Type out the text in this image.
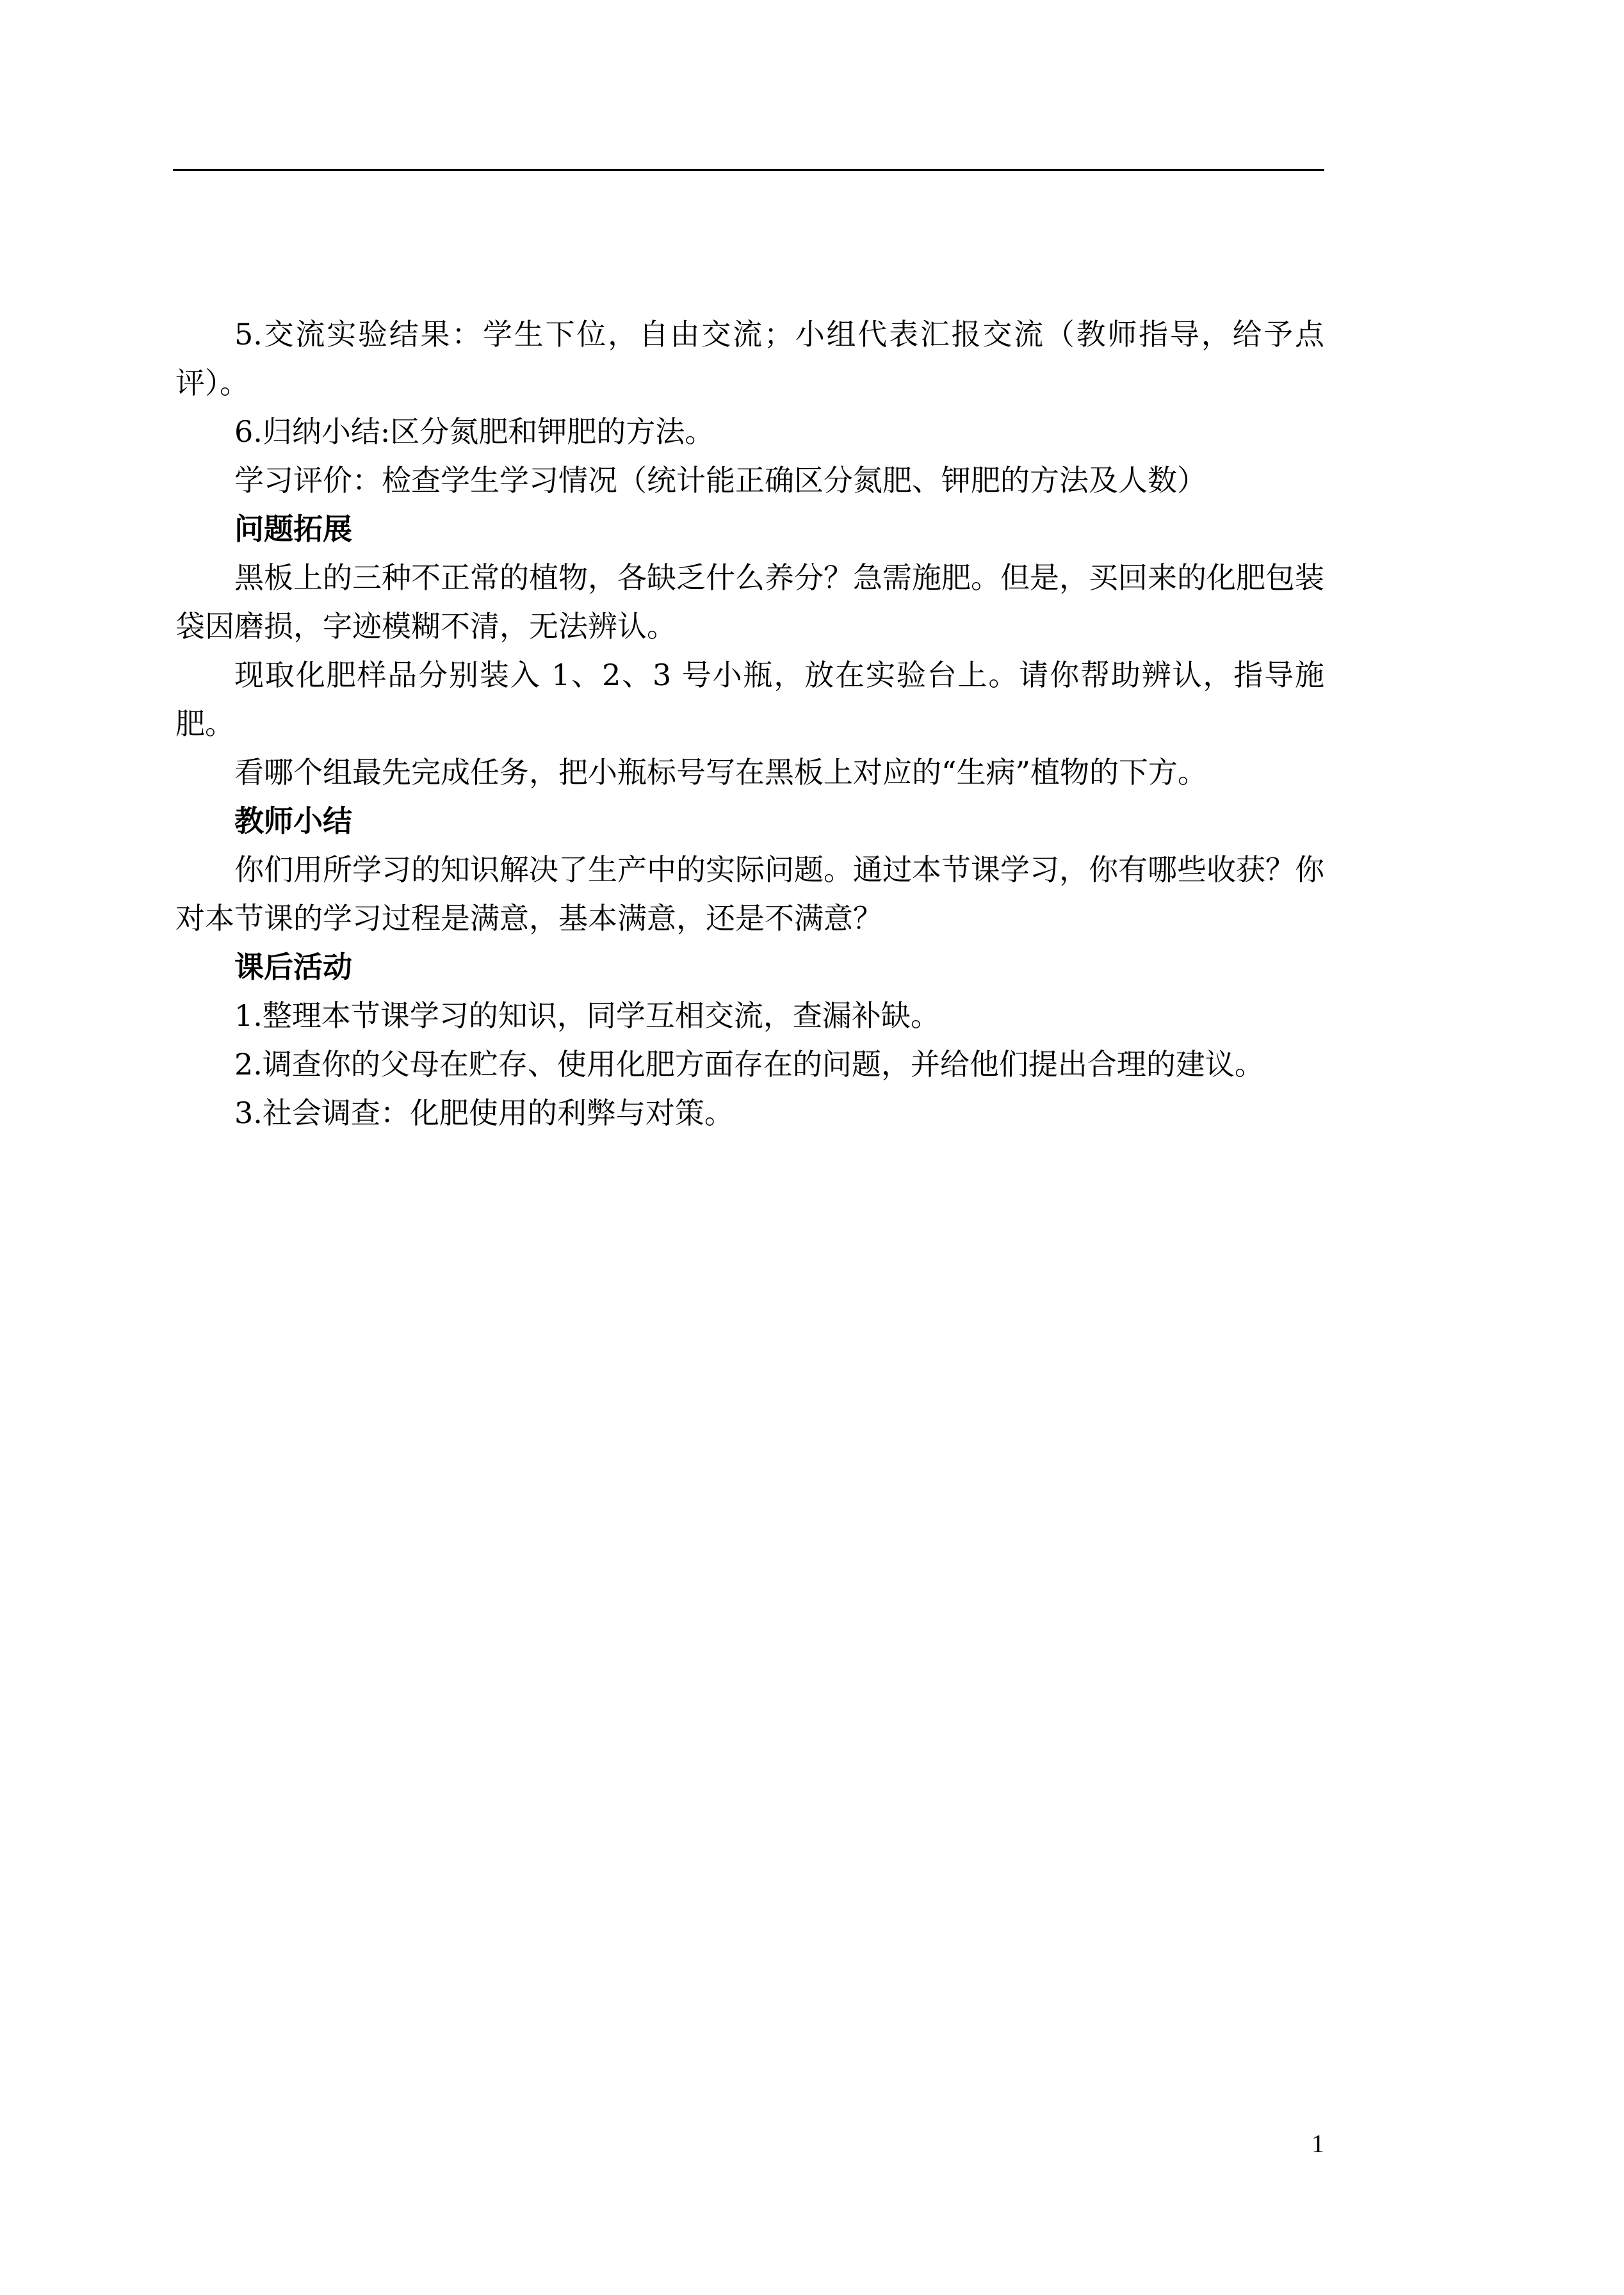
5.交流实验结果：学生下位，自由交流；小组代表汇报交流（教师指导，给予点评）。

6.归纳小结:区分氮肥和钾肥的方法。

学习评价：检查学生学习情况（统计能正确区分氮肥、钾肥的方法及人数）

问题拓展

黑板上的三种不正常的植物，各缺乏什么养分？急需施肥。但是，买回来的化肥包装袋因磨损，字迹模糊不清，无法辨认。

现取化肥样品分别装入 1、2、3 号小瓶，放在实验台上。请你帮助辨认，指导施肥。

看哪个组最先完成任务，把小瓶标号写在黑板上对应的“生病”植物的下方。

教师小结

你们用所学习的知识解决了生产中的实际问题。通过本节课学习，你有哪些收获？你对本节课的学习过程是满意，基本满意，还是不满意？

课后活动

1.整理本节课学习的知识，同学互相交流，查漏补缺。

2.调查你的父母在贮存、使用化肥方面存在的问题，并给他们提出合理的建议。

3.社会调查：化肥使用的利弊与对策。

1
